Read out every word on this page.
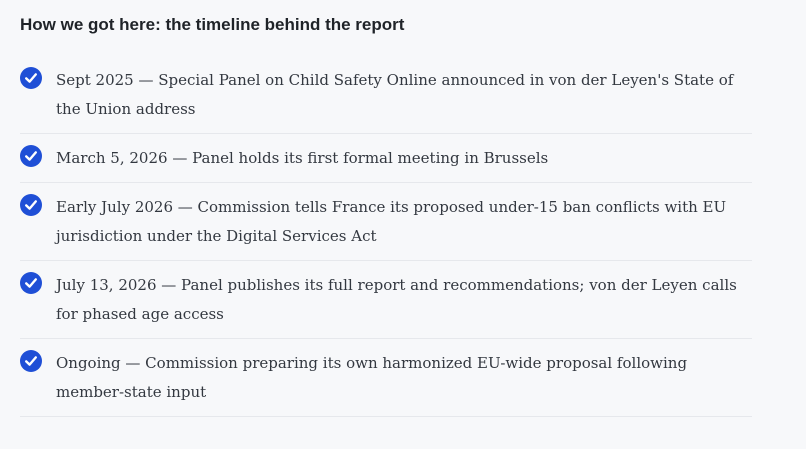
How we got here: the timeline behind the report
Sept 2025 — Special Panel on Child Safety Online announced in von der Leyen's State of the Union address
March 5, 2026 — Panel holds its first formal meeting in Brussels
Early July 2026 — Commission tells France its proposed under-15 ban conflicts with EU jurisdiction under the Digital Services Act
July 13, 2026 — Panel publishes its full report and recommendations; von der Leyen calls for phased age access
Ongoing — Commission preparing its own harmonized EU-wide proposal following member-state input
